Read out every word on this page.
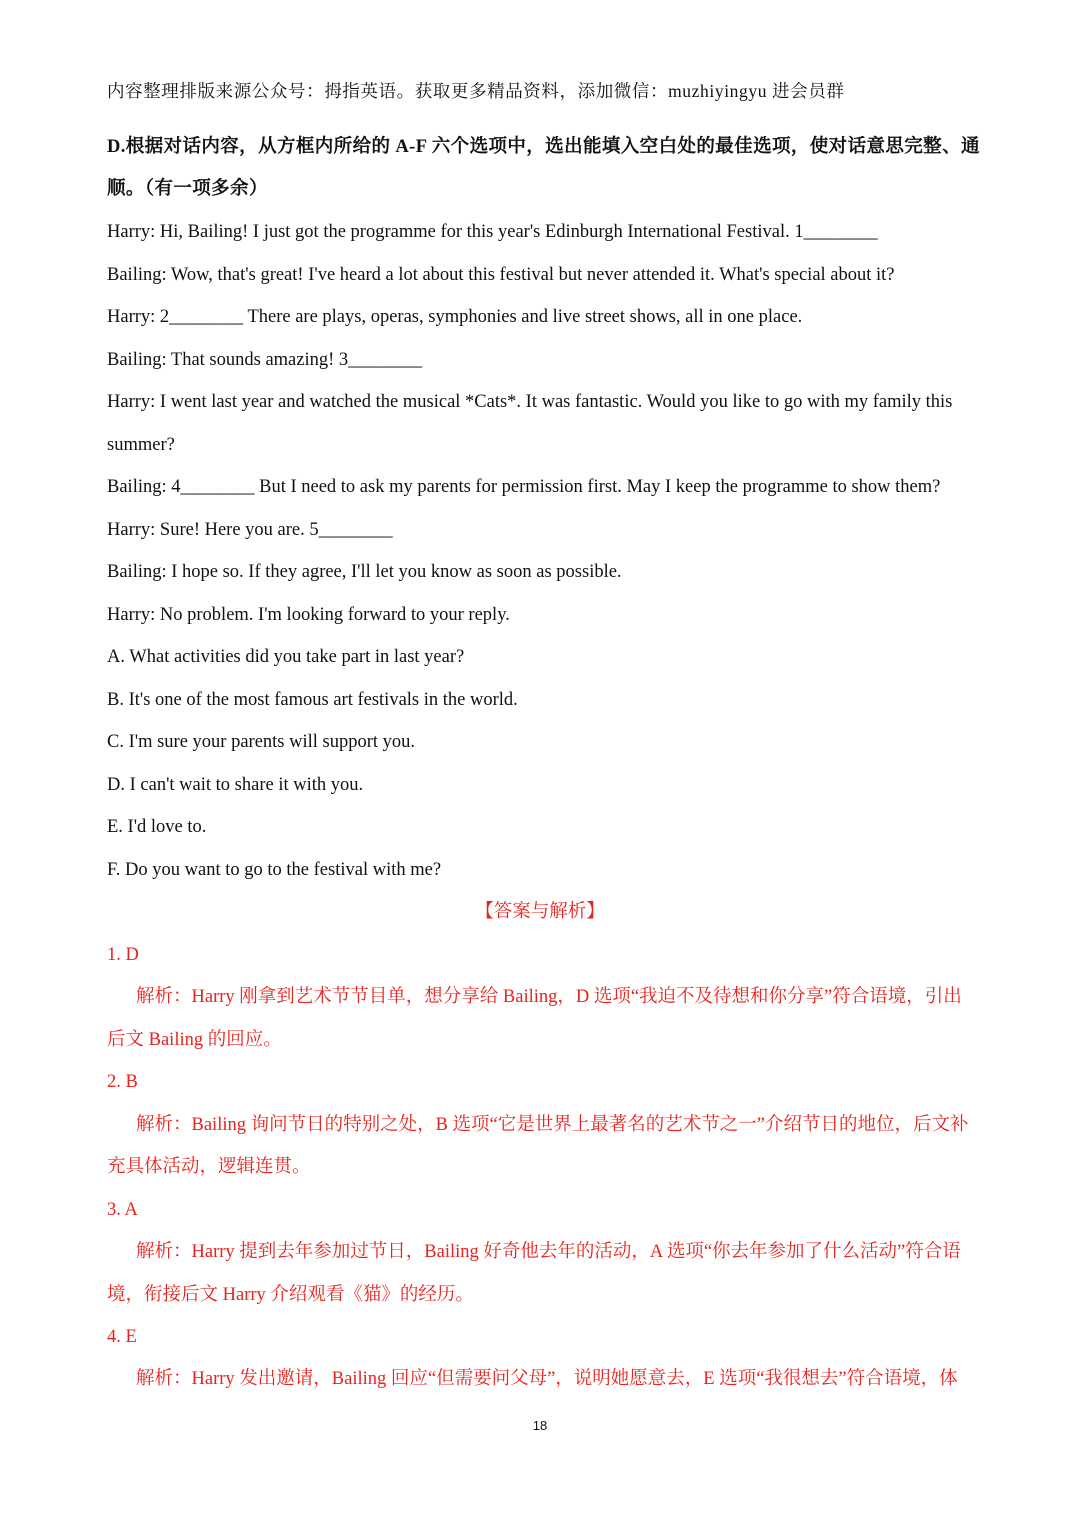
内容整理排版来源公众号：拇指英语。获取更多精品资料，添加微信：muzhiyingyu 进会员群
D.根据对话内容，从方框内所给的 A-F 六个选项中，选出能填入空白处的最佳选项，使对话意思完整、通
顺。（有一项多余）
Harry: Hi, Bailing! I just got the programme for this year's Edinburgh International Festival. 1________
Bailing: Wow, that's great! I've heard a lot about this festival but never attended it. What's special about it?
Harry: 2________ There are plays, operas, symphonies and live street shows, all in one place.
Bailing: That sounds amazing! 3________
Harry: I went last year and watched the musical *Cats*. It was fantastic. Would you like to go with my family this
summer?
Bailing: 4________ But I need to ask my parents for permission first. May I keep the programme to show them?
Harry: Sure! Here you are. 5________
Bailing: I hope so. If they agree, I'll let you know as soon as possible.
Harry: No problem. I'm looking forward to your reply.
A. What activities did you take part in last year?
B. It's one of the most famous art festivals in the world.
C. I'm sure your parents will support you.
D. I can't wait to share it with you.
E. I'd love to.
F. Do you want to go to the festival with me?
【答案与解析】
1. D
解析：Harry 刚拿到艺术节节目单，想分享给 Bailing，D 选项“我迫不及待想和你分享”符合语境，引出
后文 Bailing 的回应。
2. B
解析：Bailing 询问节日的特别之处，B 选项“它是世界上最著名的艺术节之一”介绍节日的地位，后文补
充具体活动，逻辑连贯。
3. A
解析：Harry 提到去年参加过节日，Bailing 好奇他去年的活动，A 选项“你去年参加了什么活动”符合语
境，衔接后文 Harry 介绍观看《猫》的经历。
4. E
解析：Harry 发出邀请，Bailing 回应“但需要问父母”，说明她愿意去，E 选项“我很想去”符合语境，体
18
